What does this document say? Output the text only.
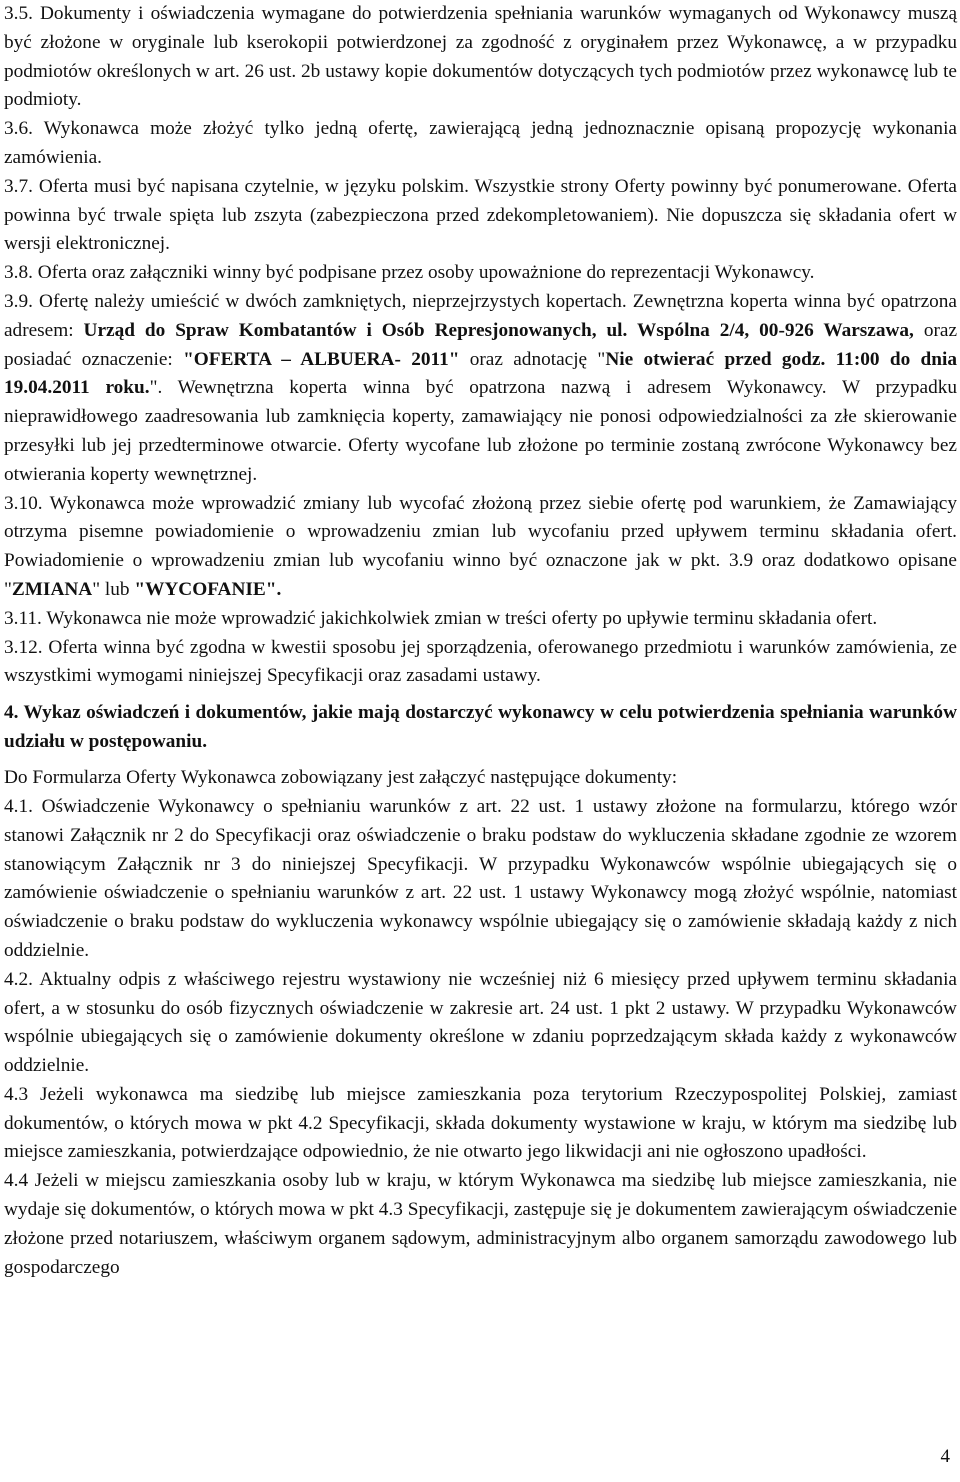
3.5. Dokumenty i oświadczenia wymagane do potwierdzenia spełniania warunków wymaganych od Wykonawcy muszą być złożone w oryginale lub kserokopii potwierdzonej za zgodność z oryginałem przez Wykonawcę, a w przypadku podmiotów określonych w art. 26 ust. 2b ustawy kopie dokumentów dotyczących tych podmiotów przez wykonawcę lub te podmioty.

3.6. Wykonawca może złożyć tylko jedną ofertę, zawierającą jedną jednoznacznie opisaną propozycję wykonania zamówienia.

3.7. Oferta musi być napisana czytelnie, w języku polskim. Wszystkie strony Oferty powinny być ponumerowane. Oferta powinna być trwale spięta lub zszyta (zabezpieczona przed zdekompletowaniem). Nie dopuszcza się składania ofert w wersji elektronicznej.

3.8. Oferta oraz załączniki winny być podpisane przez osoby upoważnione do reprezentacji Wykonawcy.

3.9. Ofertę należy umieścić w dwóch zamkniętych, nieprzejrzystych kopertach. Zewnętrzna koperta winna być opatrzona adresem: Urząd do Spraw Kombatantów i Osób Represjonowanych, ul. Wspólna 2/4, 00-926 Warszawa, oraz posiadać oznaczenie: "OFERTA – ALBUERA- 2011" oraz adnotację "Nie otwierać przed godz. 11:00 do dnia 19.04.2011 roku.". Wewnętrzna koperta winna być opatrzona nazwą i adresem Wykonawcy. W przypadku nieprawidłowego zaadresowania lub zamknięcia koperty, zamawiający nie ponosi odpowiedzialności za złe skierowanie przesyłki lub jej przedterminowe otwarcie. Oferty wycofane lub złożone po terminie zostaną zwrócone Wykonawcy bez otwierania koperty wewnętrznej.

3.10. Wykonawca może wprowadzić zmiany lub wycofać złożoną przez siebie ofertę pod warunkiem, że Zamawiający otrzyma pisemne powiadomienie o wprowadzeniu zmian lub wycofaniu przed upływem terminu składania ofert. Powiadomienie o wprowadzeniu zmian lub wycofaniu winno być oznaczone jak w pkt. 3.9 oraz dodatkowo opisane "ZMIANA" lub "WYCOFANIE".

3.11. Wykonawca nie może wprowadzić jakichkolwiek zmian w treści oferty po upływie terminu składania ofert.

3.12. Oferta winna być zgodna w kwestii sposobu jej sporządzenia, oferowanego przedmiotu i warunków zamówienia, ze wszystkimi wymogami niniejszej Specyfikacji oraz zasadami ustawy.

4. Wykaz oświadczeń i dokumentów, jakie mają dostarczyć wykonawcy w celu potwierdzenia spełniania warunków udziału w postępowaniu.

Do Formularza Oferty Wykonawca zobowiązany jest załączyć następujące dokumenty:

4.1. Oświadczenie Wykonawcy o spełnianiu warunków z art. 22 ust. 1 ustawy złożone na formularzu, którego wzór stanowi Załącznik nr 2 do Specyfikacji oraz oświadczenie o braku podstaw do wykluczenia składane zgodnie ze wzorem stanowiącym Załącznik nr 3 do niniejszej Specyfikacji. W przypadku Wykonawców wspólnie ubiegających się o zamówienie oświadczenie o spełnianiu warunków z art. 22 ust. 1 ustawy Wykonawcy mogą złożyć wspólnie, natomiast oświadczenie o braku podstaw do wykluczenia wykonawcy wspólnie ubiegający się o zamówienie składają każdy z nich oddzielnie.

4.2. Aktualny odpis z właściwego rejestru wystawiony nie wcześniej niż 6 miesięcy przed upływem terminu składania ofert, a w stosunku do osób fizycznych oświadczenie w zakresie art. 24 ust. 1 pkt 2 ustawy. W przypadku Wykonawców wspólnie ubiegających się o zamówienie dokumenty określone w zdaniu poprzedzającym składa każdy z wykonawców oddzielnie.

4.3 Jeżeli wykonawca ma siedzibę lub miejsce zamieszkania poza terytorium Rzeczypospolitej Polskiej, zamiast dokumentów, o których mowa w pkt 4.2 Specyfikacji, składa dokumenty wystawione w kraju, w którym ma siedzibę lub miejsce zamieszkania, potwierdzające odpowiednio, że nie otwarto jego likwidacji ani nie ogłoszono upadłości.

4.4 Jeżeli w miejscu zamieszkania osoby lub w kraju, w którym Wykonawca ma siedzibę lub miejsce zamieszkania, nie wydaje się dokumentów, o których mowa w pkt 4.3 Specyfikacji, zastępuje się je dokumentem zawierającym oświadczenie złożone przed notariuszem, właściwym organem sądowym, administracyjnym albo organem samorządu zawodowego lub gospodarczego

4
